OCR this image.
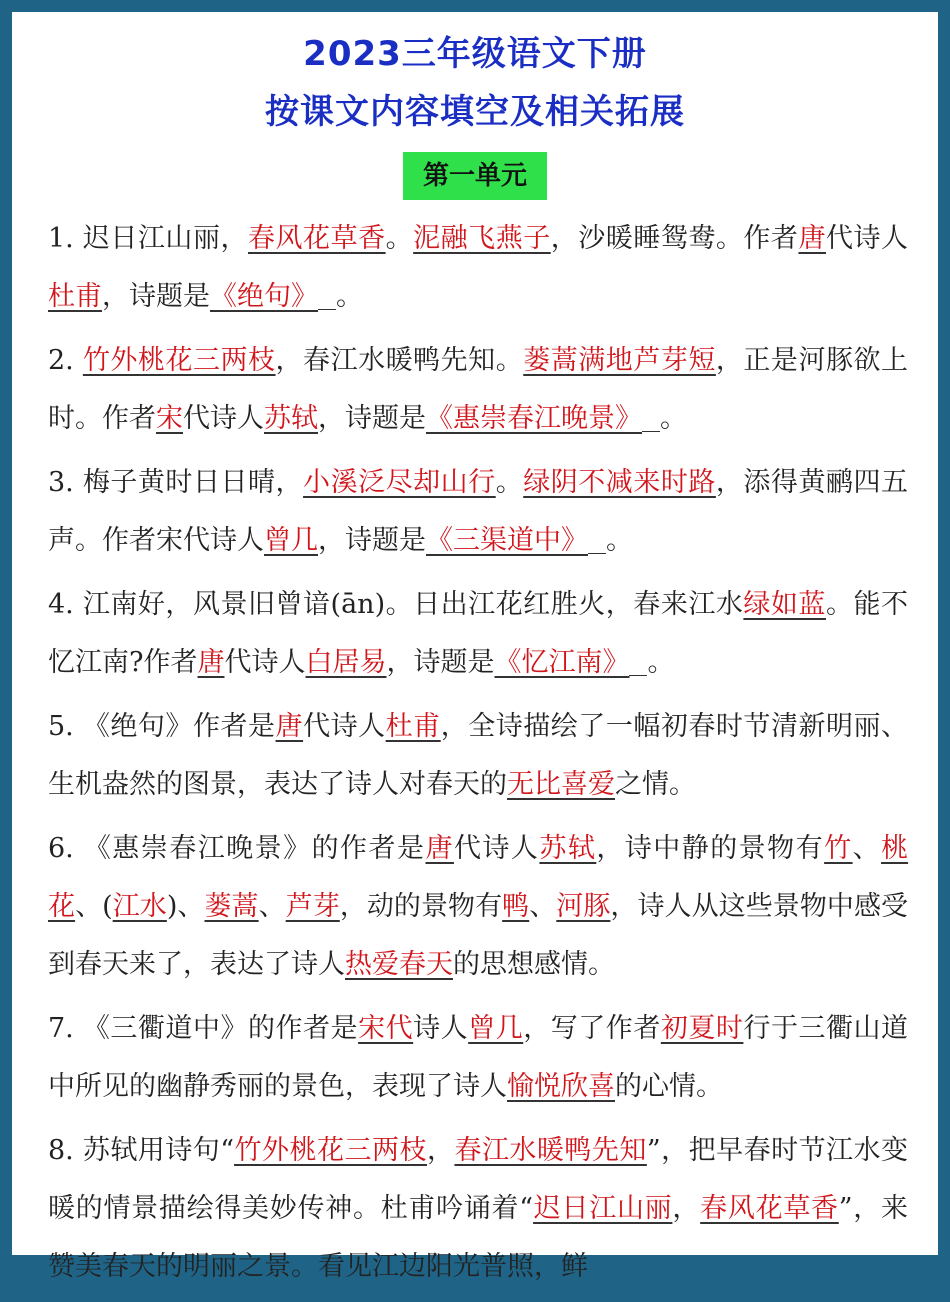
2023三年级语文下册
按课文内容填空及相关拓展
第一单元
1. 迟日江山丽，春风花草香。泥融飞燕子，沙暖睡鸳鸯。作者唐代诗人杜甫，诗题是《绝句》 。
2. 竹外桃花三两枝，春江水暖鸭先知。蒌蒿满地芦芽短，正是河豚欲上时。作者宋代诗人苏轼，诗题是《惠崇春江晚景》 。
3. 梅子黄时日日晴，小溪泛尽却山行。绿阴不减来时路，添得黄鹂四五声。作者宋代诗人曾几，诗题是《三渠道中》 。
4. 江南好，风景旧曾谙(ān)。日出江花红胜火，春来江水绿如蓝。能不忆江南?作者唐代诗人白居易，诗题是《忆江南》 。
5. 《绝句》作者是唐代诗人杜甫，全诗描绘了一幅初春时节清新明丽、生机盎然的图景，表达了诗人对春天的无比喜爱之情。
6. 《惠崇春江晚景》的作者是唐代诗人苏轼，诗中静的景物有竹、桃花、(江水)、蒌蒿、芦芽，动的景物有鸭、河豚，诗人从这些景物中感受到春天来了，表达了诗人热爱春天的思想感情。
7. 《三衢道中》的作者是宋代诗人曾几，写了作者初夏时行于三衢山道中所见的幽静秀丽的景色，表现了诗人愉悦欣喜的心情。
8. 苏轼用诗句“竹外桃花三两枝，春江水暖鸭先知”，把早春时节江水变暖的情景描绘得美妙传神。杜甫吟诵着“迟日江山丽，春风花草香”，来赞美春天的明丽之景。看见江边阳光普照，鲜
